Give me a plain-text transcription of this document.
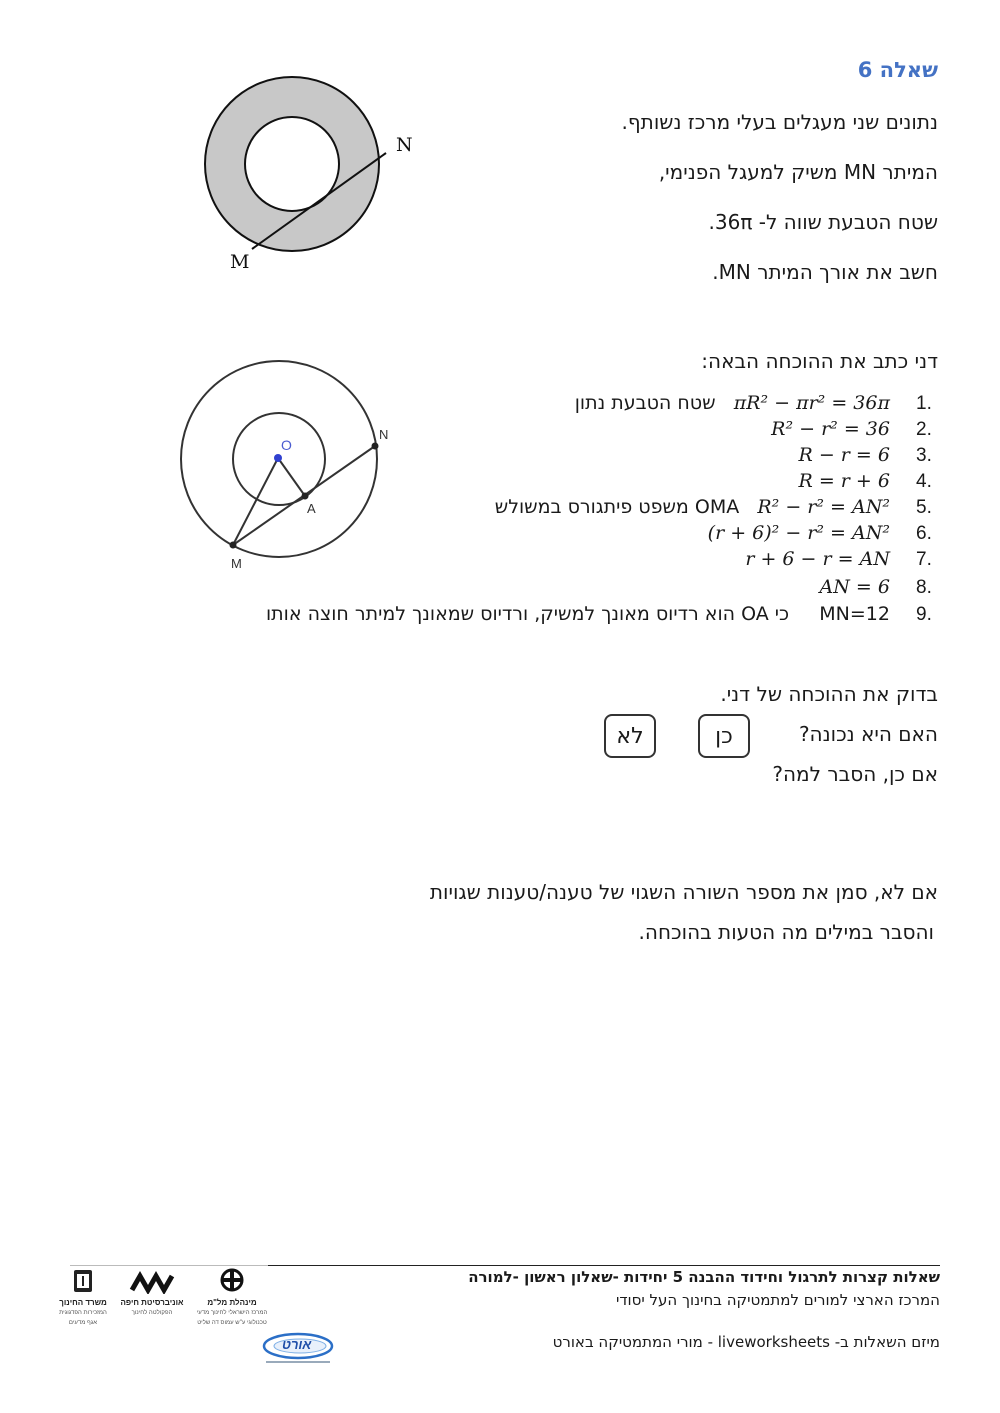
שאלה 6
נתונים שני מעגלים בעלי מרכז נשותף.
המיתר MN משיק למעגל הפנימי,
שטח הטבעת שווה ל- 36π.
חשב את אורך המיתר MN.
N
M
דני כתב את ההוכחה הבאה:
O
A
N
M
שטח הטבעת נתון πR² − πr² = 36π 1.
R² − r² = 36 2.
R − r = 6 3.
R = r + 6 4.
משפט פיתגורס במשולש OMA R² − r² = AN² 5.
(r + 6)² − r² = AN² 6.
r + 6 − r = AN 7.
AN = 6 8.
כי OA הוא רדיוס מאונך למשיק, ורדיוס שמאונך למיתר חוצה אותו MN=12 9.
בדוק את ההוכחה של דני.
האם היא נכונה?
כן
לא
אם כן, הסבר למה?
אם לא, סמן את מספר השורה השגוי של טענה/טענות שגויות
והסבר במילים מה הטעות בהוכחה.
שאלות קצרות לתרגול וחידוד ההבנה 5 יחידות -שאלון ראשון -למורה
המרכז הארצי למורים למתמטיקה בחינוך העל יסודי
מיזם השאלות ב- liveworksheets - מורי המתמטיקה באורט
משרד החינוך
המזכירות הפדגוגית
אגף מדעים
אוניברסיטת חיפה
הפקולטה לחינוך
מינהלת מל"מ
המרכז הישראלי לחינוך מדעי
טכנולוגי ע"ש עמוס דה שליט
אורט
